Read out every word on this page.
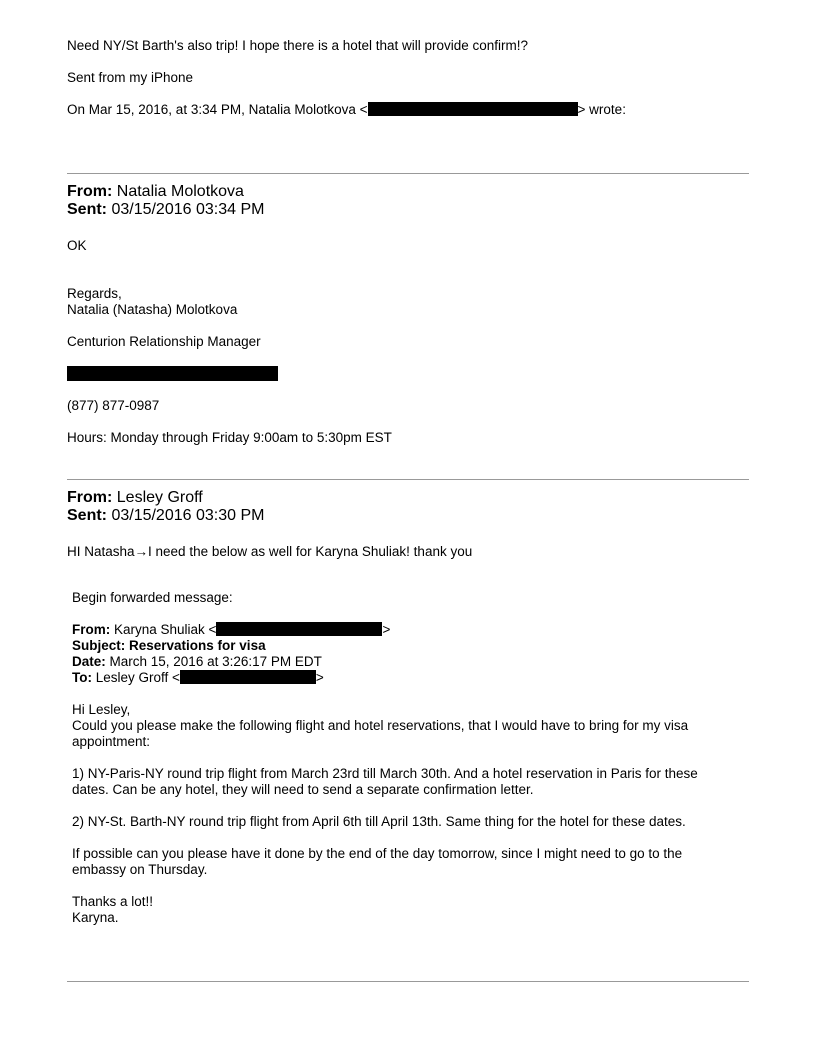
Need NY/St Barth's also trip! I hope there is a hotel that will provide confirm!?
Sent from my iPhone
On Mar 15, 2016, at 3:34 PM, Natalia Molotkova <	> wrote:
From: Natalia Molotkova
Sent: 03/15/2016 03:34 PM
OK
Regards,
Natalia (Natasha) Molotkova
Centurion Relationship Manager
(877) 877-0987
Hours: Monday through Friday 9:00am to 5:30pm EST
From: Lesley Groff
Sent: 03/15/2016 03:30 PM
HI Natasha→I need the below as well for Karyna Shuliak! thank you
Begin forwarded message:
From: Karyna Shuliak <	>
Subject: Reservations for visa
Date: March 15, 2016 at 3:26:17 PM EDT
To: Lesley Groff <	>
Hi Lesley,
Could you please make the following flight and hotel reservations, that I would have to bring for my visa appointment:
1) NY-Paris-NY round trip flight from March 23rd till March 30th. And a hotel reservation in Paris for these dates. Can be any hotel, they will need to send a separate confirmation letter.
2) NY-St. Barth-NY round trip flight from April 6th till April 13th. Same thing for the hotel for these dates.
If possible can you please have it done by the end of the day tomorrow, since I might need to go to the embassy on Thursday.
Thanks a lot!!
Karyna.
